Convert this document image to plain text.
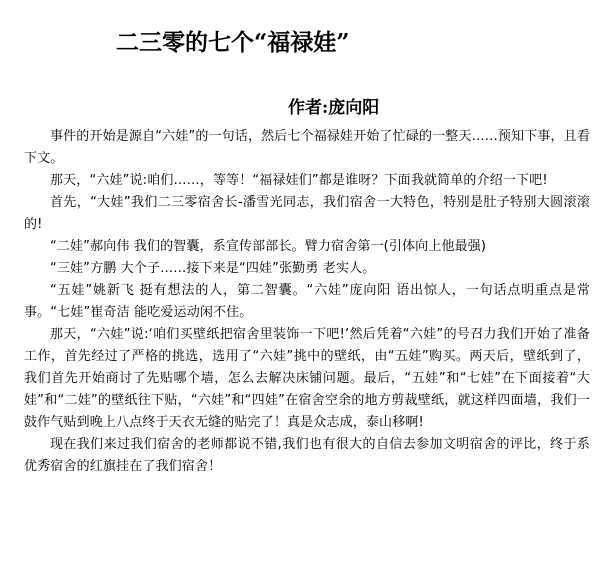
二三零的七个“福禄娃”
作者:庞向阳

事件的开始是源自“六娃”的一句话，然后七个福禄娃开始了忙碌的一整天……预知下事，且看下文。

那天，“六娃”说:咱们……，等等！“福禄娃们”都是谁呀？下面我就简单的介绍一下吧!

首先，“大娃”我们二三零宿舍长-潘雪光同志，我们宿舍一大特色，特别是肚子特别大圆滚滚的!

“二娃”郝向伟 我们的智囊，系宣传部部长。臂力宿舍第一(引体向上他最强)

“三娃”方鹏 大个子……接下来是“四娃”张勤勇 老实人。

“五娃”姚新飞 挺有想法的人，第二智囊。“六娃”庞向阳 语出惊人，一句话点明重点是常事。“七娃”崔奇洁 能吃爱运动闲不住。

那天，“六娃”说:‘咱们买壁纸把宿舍里装饰一下吧!’然后凭着“六娃”的号召力我们开始了准备工作，首先经过了严格的挑选，选用了“六娃”挑中的壁纸，由“五娃”购买。两天后，壁纸到了，我们首先开始商讨了先贴哪个墙，怎么去解决床铺问题。最后，“五娃”和“七娃”在下面接着“大娃”和“二娃”的壁纸往下贴，“六娃”和“四娃”在宿舍空余的地方剪裁壁纸，就这样四面墙，我们一鼓作气贴到晚上八点终于天衣无缝的贴完了！真是众志成，泰山移啊!

现在我们来过我们宿舍的老师都说不错,我们也有很大的自信去参加文明宿舍的评比，终于系优秀宿舍的红旗挂在了我们宿舍！
